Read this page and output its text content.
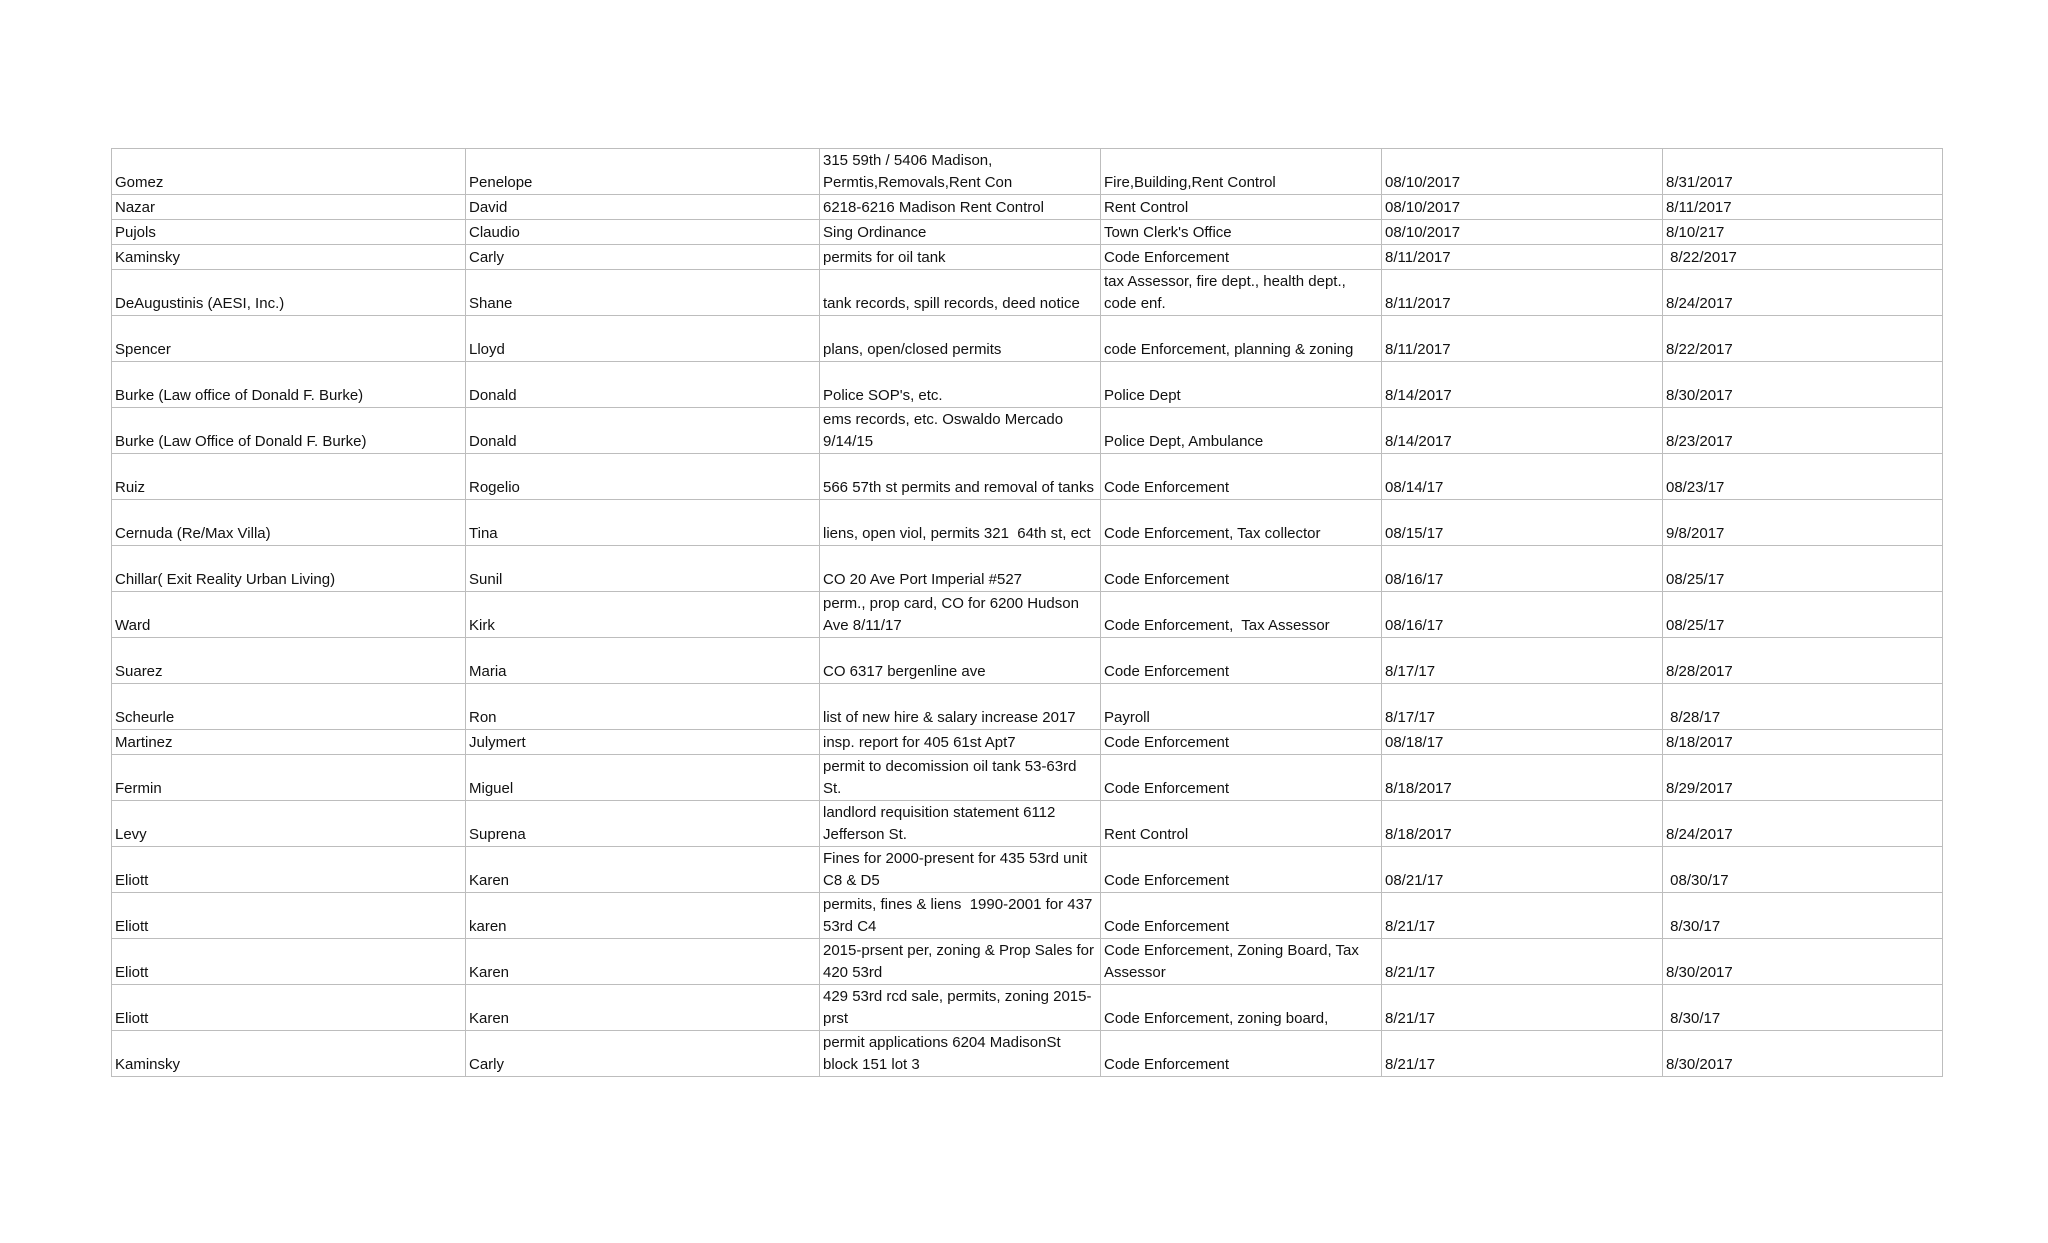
Gomez	Penelope	315 59th / 5406 Madison, Permtis,Removals,Rent Con	Fire,Building,Rent Control	08/10/2017	8/31/2017
Nazar	David	6218-6216 Madison Rent Control	Rent Control	08/10/2017	8/11/2017
Pujols	Claudio	Sing Ordinance	Town Clerk's Office	08/10/2017	8/10/217
Kaminsky	Carly	permits for oil tank	Code Enforcement	8/11/2017	8/22/2017
DeAugustinis (AESI, Inc.)	Shane	tank records, spill records, deed notice	tax Assessor, fire dept., health dept., code enf.	8/11/2017	8/24/2017
Spencer	Lloyd	plans, open/closed permits	code Enforcement, planning & zoning	8/11/2017	8/22/2017
Burke (Law office of Donald F. Burke)	Donald	Police SOP's, etc.	Police Dept	8/14/2017	8/30/2017
Burke (Law Office of Donald F. Burke)	Donald	ems records, etc. Oswaldo Mercado 9/14/15	Police Dept, Ambulance	8/14/2017	8/23/2017
Ruiz	Rogelio	566 57th st permits and removal of tanks	Code Enforcement	08/14/17	08/23/17
Cernuda (Re/Max Villa)	Tina	liens, open viol, permits 321  64th st, ect	Code Enforcement, Tax collector	08/15/17	9/8/2017
Chillar( Exit Reality Urban Living)	Sunil	CO 20 Ave Port Imperial #527	Code Enforcement	08/16/17	08/25/17
Ward	Kirk	perm., prop card, CO for 6200 Hudson Ave 8/11/17	Code Enforcement,  Tax Assessor	08/16/17	08/25/17
Suarez	Maria	CO 6317 bergenline ave	Code Enforcement	8/17/17	8/28/2017
Scheurle	Ron	list of new hire & salary increase 2017	Payroll	8/17/17	8/28/17
Martinez	Julymert	insp. report for 405 61st Apt7	Code Enforcement	08/18/17	8/18/2017
Fermin	Miguel	permit to decomission oil tank 53-63rd St.	Code Enforcement	8/18/2017	8/29/2017
Levy	Suprena	landlord requisition statement 6112 Jefferson St.	Rent Control	8/18/2017	8/24/2017
Eliott	Karen	Fines for 2000-present for 435 53rd unit C8 & D5	Code Enforcement	08/21/17	08/30/17
Eliott	karen	permits, fines & liens  1990-2001 for 437 53rd C4	Code Enforcement	8/21/17	8/30/17
Eliott	Karen	2015-prsent per, zoning & Prop Sales for 420 53rd	Code Enforcement, Zoning Board, Tax Assessor	8/21/17	8/30/2017
Eliott	Karen	429 53rd rcd sale, permits, zoning 2015-prst	Code Enforcement, zoning board,	8/21/17	8/30/17
Kaminsky	Carly	permit applications 6204 MadisonSt block 151 lot 3	Code Enforcement	8/21/17	8/30/2017
